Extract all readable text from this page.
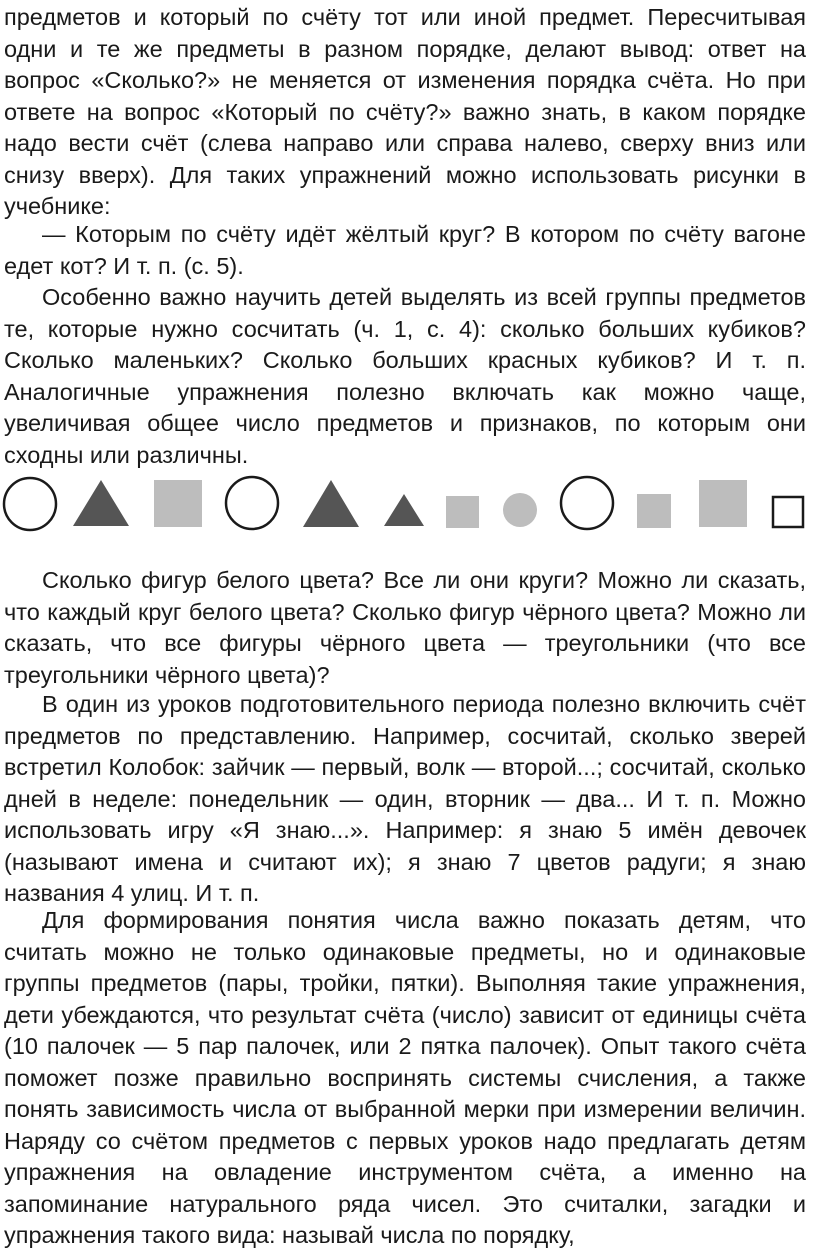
предметов и который по счёту тот или иной предмет. Пересчитывая одни и те же предметы в разном порядке, делают вывод: ответ на вопрос «Сколько?» не меняется от изменения порядка счёта. Но при ответе на вопрос «Который по счёту?» важно знать, в каком порядке надо вести счёт (слева направо или справа налево, сверху вниз или снизу вверх). Для таких упражнений можно использовать рисунки в учебнике:

— Которым по счёту идёт жёлтый круг? В котором по счёту вагоне едет кот? И т. п. (с. 5).

Особенно важно научить детей выделять из всей группы предметов те, которые нужно сосчитать (ч. 1, с. 4): сколько больших кубиков? Сколько маленьких? Сколько больших красных кубиков? И т. п. Аналогичные упражнения полезно включать как можно чаще, увеличивая общее число предметов и признаков, по которым они сходны или различны.

Сколько фигур белого цвета? Все ли они круги? Можно ли сказать, что каждый круг белого цвета? Сколько фигур чёрного цвета? Можно ли сказать, что все фигуры чёрного цвета — треугольники (что все треугольники чёрного цвета)?

В один из уроков подготовительного периода полезно включить счёт предметов по представлению. Например, сосчитай, сколько зверей встретил Колобок: зайчик — первый, волк — второй...; сосчитай, сколько дней в неделе: понедельник — один, вторник — два... И т. п. Можно использовать игру «Я знаю...». Например: я знаю 5 имён девочек (называют имена и считают их); я знаю 7 цветов радуги; я знаю названия 4 улиц. И т. п.

Для формирования понятия числа важно показать детям, что считать можно не только одинаковые предметы, но и одинаковые группы предметов (пары, тройки, пятки). Выполняя такие упражнения, дети убеждаются, что результат счёта (число) зависит от единицы счёта (10 палочек — 5 пар палочек, или 2 пятка палочек). Опыт такого счёта поможет позже правильно воспринять системы счисления, а также понять зависимость числа от выбранной мерки при измерении величин. Наряду со счётом предметов с первых уроков надо предлагать детям упражнения на овладение инструментом счёта, а именно на запоминание натурального ряда чисел. Это считалки, загадки и упражнения такого вида: называй числа по порядку,
